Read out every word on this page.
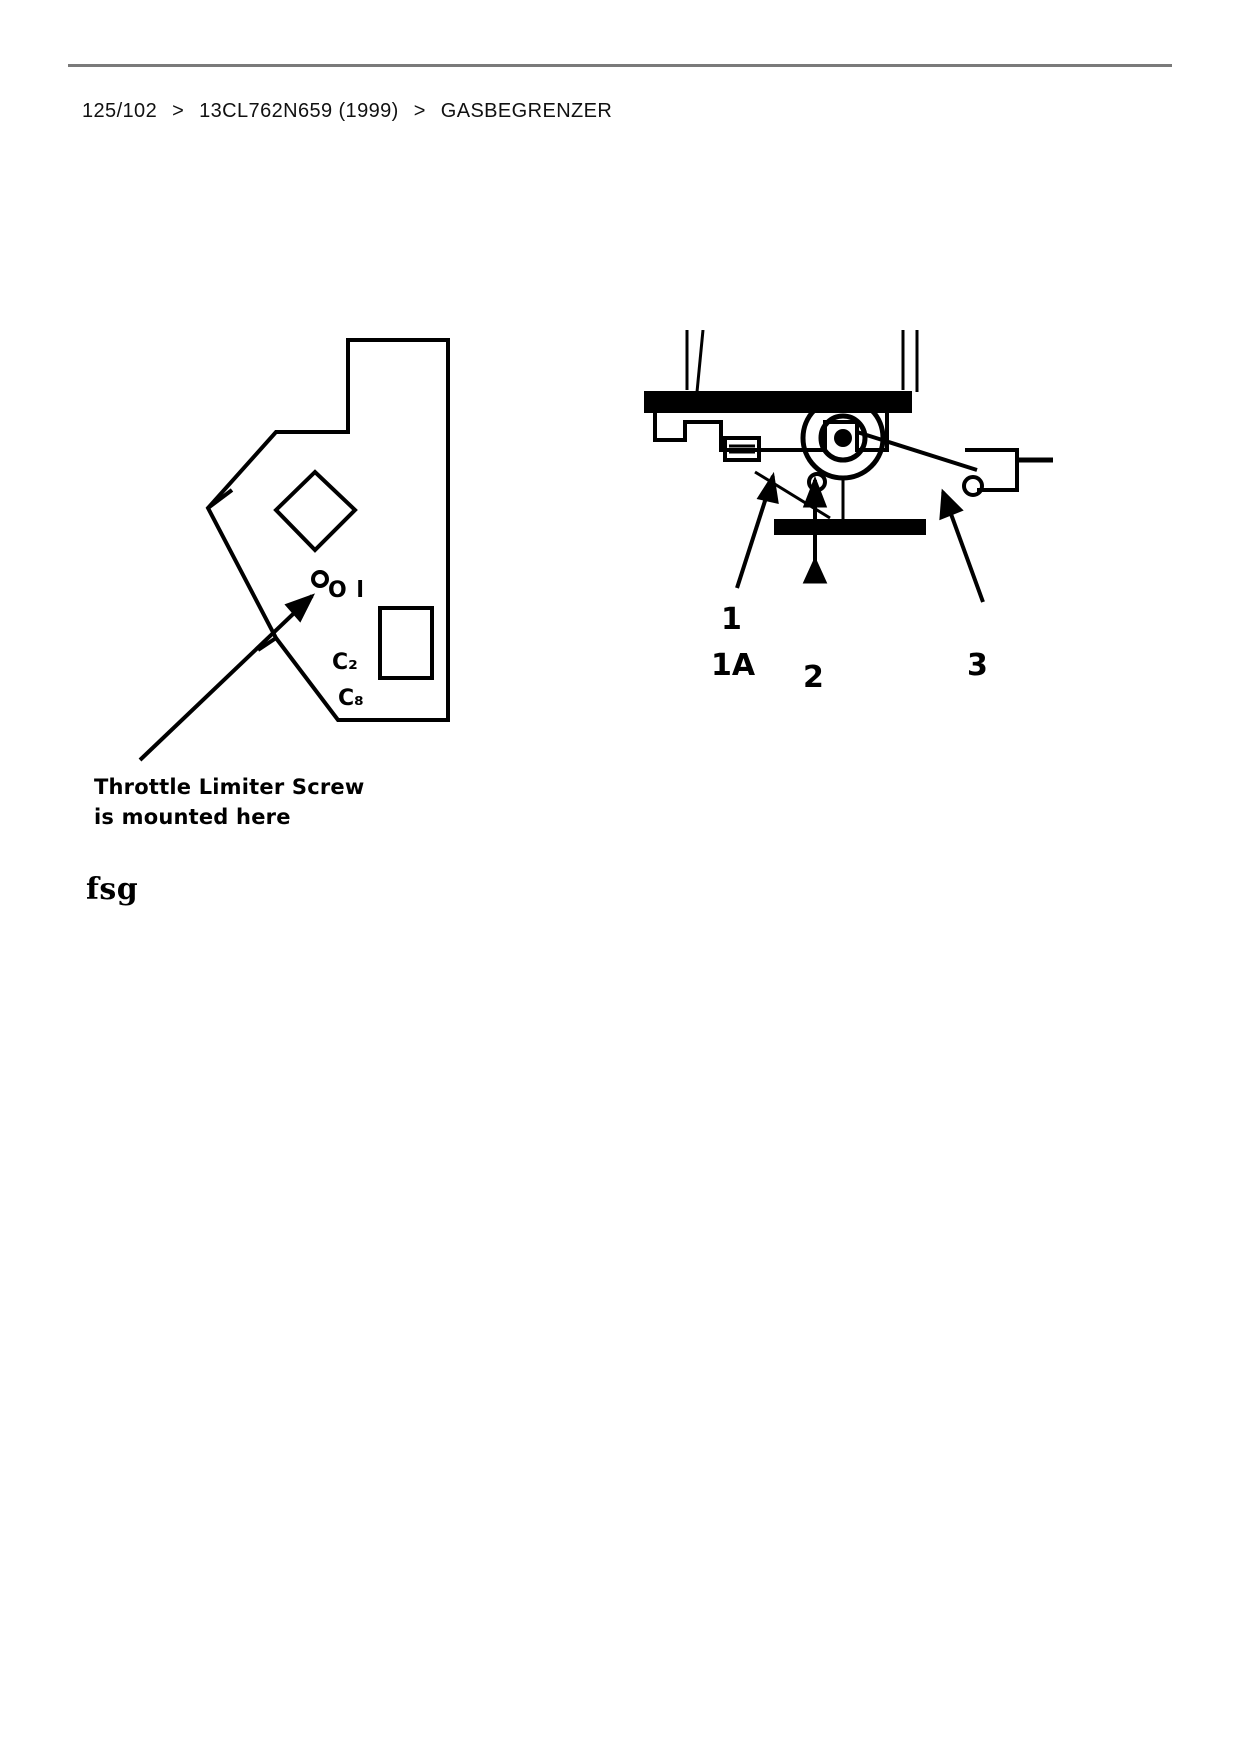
125/102 > 13CL762N659 (1999) > GASBEGRENZER
O l
C₂
C₈
Throttle Limiter Screw
is mounted here
fsg
1
1A 2	3
